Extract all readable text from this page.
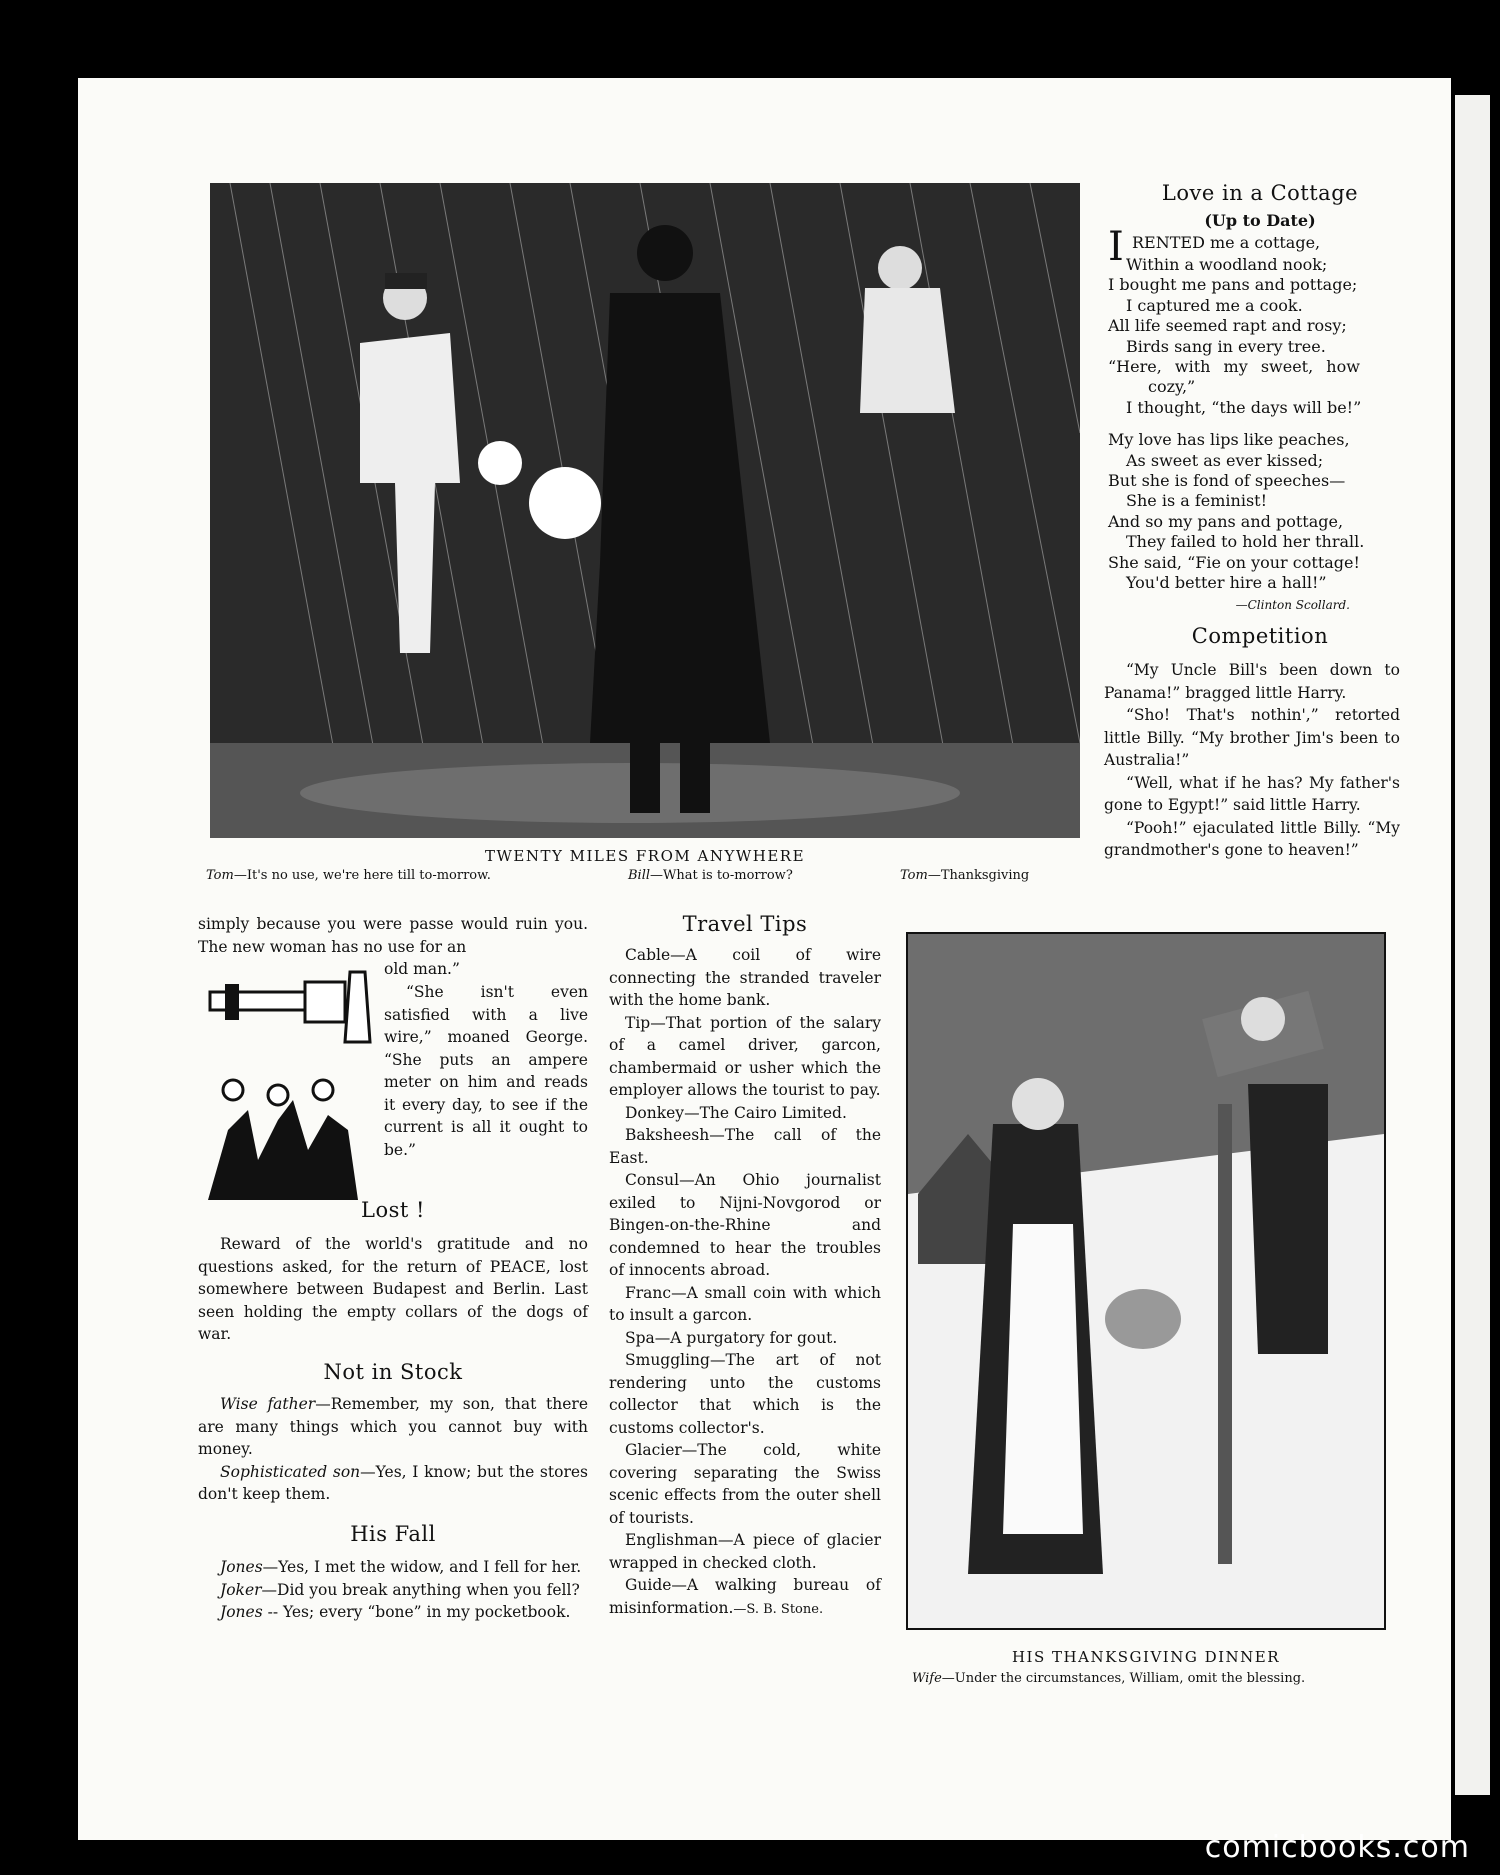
TWENTY MILES FROM ANYWHERE
Tom—It's no use, we're here till to-morrow.	Bill—What is to-morrow?	Tom—Thanksgiving
Love in a Cottage
(Up to Date)
I RENTED me a cottage,
Within a woodland nook;
I bought me pans and pottage;
I captured me a cook.
All life seemed rapt and rosy;
Birds sang in every tree.
“Here, with my sweet, how
cozy,”
I thought, “the days will be!”
My love has lips like peaches,
As sweet as ever kissed;
But she is fond of speeches—
She is a feminist!
And so my pans and pottage,
They failed to hold her thrall.
She said, “Fie on your cottage!
You'd better hire a hall!”
—Clinton Scollard.
Competition

“My Uncle Bill's been down to Panama!” bragged little Harry.

“Sho! That's nothin',” retorted little Billy. “My brother Jim's been to Australia!”

“Well, what if he has? My father's gone to Egypt!” said little Harry.

“Pooh!” ejaculated little Billy. “My grandmother's gone to heaven!”

simply because you were passe would ruin you. The new woman has no use for an
old man.”

“She isn't even satisfied with a live wire,” moaned George. “She puts an ampere meter on him and reads it every day, to see if the current is all it ought to be.”

Lost !

Reward of the world's gratitude and no questions asked, for the return of PEACE, lost somewhere between Budapest and Berlin. Last seen holding the empty collars of the dogs of war.

Not in Stock

Wise father—Remember, my son, that there are many things which you cannot buy with money.

Sophisticated son—Yes, I know; but the stores don't keep them.

His Fall

Jones—Yes, I met the widow, and I fell for her.

Joker—Did you break anything when you fell?

Jones -- Yes; every “bone” in my pocketbook.

Travel Tips

Cable—A coil of wire connecting the stranded traveler with the home bank.

Tip—That portion of the salary of a camel driver, garcon, chambermaid or usher which the employer allows the tourist to pay.

Donkey—The Cairo Limited.

Baksheesh—The call of the East.

Consul—An Ohio journalist exiled to Nijni-Novgorod or Bingen-on-the-Rhine and condemned to hear the troubles of innocents abroad.

Franc—A small coin with which to insult a garcon.

Spa—A purgatory for gout.

Smuggling—The art of not rendering unto the customs collector that which is the customs collector's.

Glacier—The cold, white covering separating the Swiss scenic effects from the outer shell of tourists.

Englishman—A piece of glacier wrapped in checked cloth.

Guide—A walking bureau of misinformation.—S. B. Stone.

HIS THANKSGIVING DINNER
Wife—Under the circumstances, William, omit the blessing.
comicbooks.com
